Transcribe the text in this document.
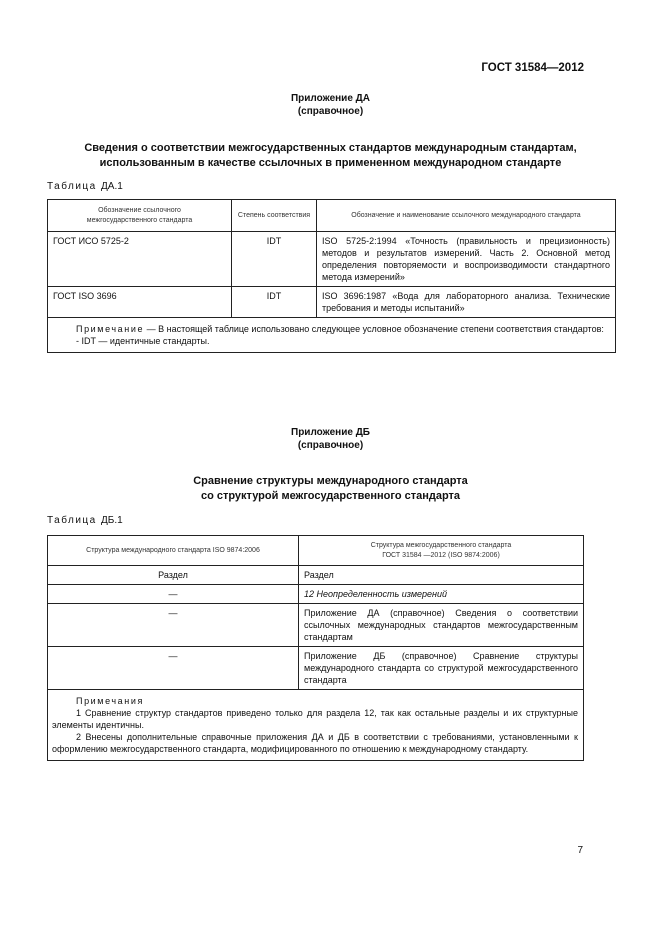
ГОСТ 31584—2012
Приложение ДА
(справочное)
Сведения о соответствии межгосударственных стандартов международным стандартам,
использованным в качестве ссылочных в примененном международном стандарте
Таблица ДА.1
Обозначение ссылочного межгосударственного стандарта	Степень соответствия	Обозначение и наименование ссылочного международного стандарта
ГОСТ ИСО 5725-2	IDT	ISO 5725-2:1994 «Точность (правильность и прецизионность) методов и результатов измерений. Часть 2. Основной метод определения повторяемости и воспроизводимости стандартного метода измерений»
ГОСТ ISO 3696	IDT	ISO 3696:1987 «Вода для лабораторного анализа. Технические требования и методы испытаний»

Примечание — В настоящей таблице использовано следующее условное обозначение степени соответствия стандартов:

- IDT — идентичные стандарты.		

Приложение ДБ
(справочное)
Сравнение структуры международного стандарта
со структурой межгосударственного стандарта
Таблица ДБ.1
Структура международного стандарта ISO 9874:2006	Структура межгосударственного стандарта
ГОСТ 31584 —2012 (ISO 9874:2006)

Раздел	Раздел
—	12 Неопределенность измерений
—	Приложение ДА (справочное) Сведения о соответствии ссылочных международных стандартов межгосударственным стандартам
—	Приложение ДБ (справочное) Сравнение структуры международного стандарта со структурой межгосударственного стандарта

Примечания

1 Сравнение структур стандартов приведено только для раздела 12, так как остальные разделы и их структурные элементы идентичны.

2 Внесены дополнительные справочные приложения ДА и ДБ в соответствии с требованиями, установленными к оформлению межгосударственного стандарта, модифицированного по отношению к международному стандарту.	

7
